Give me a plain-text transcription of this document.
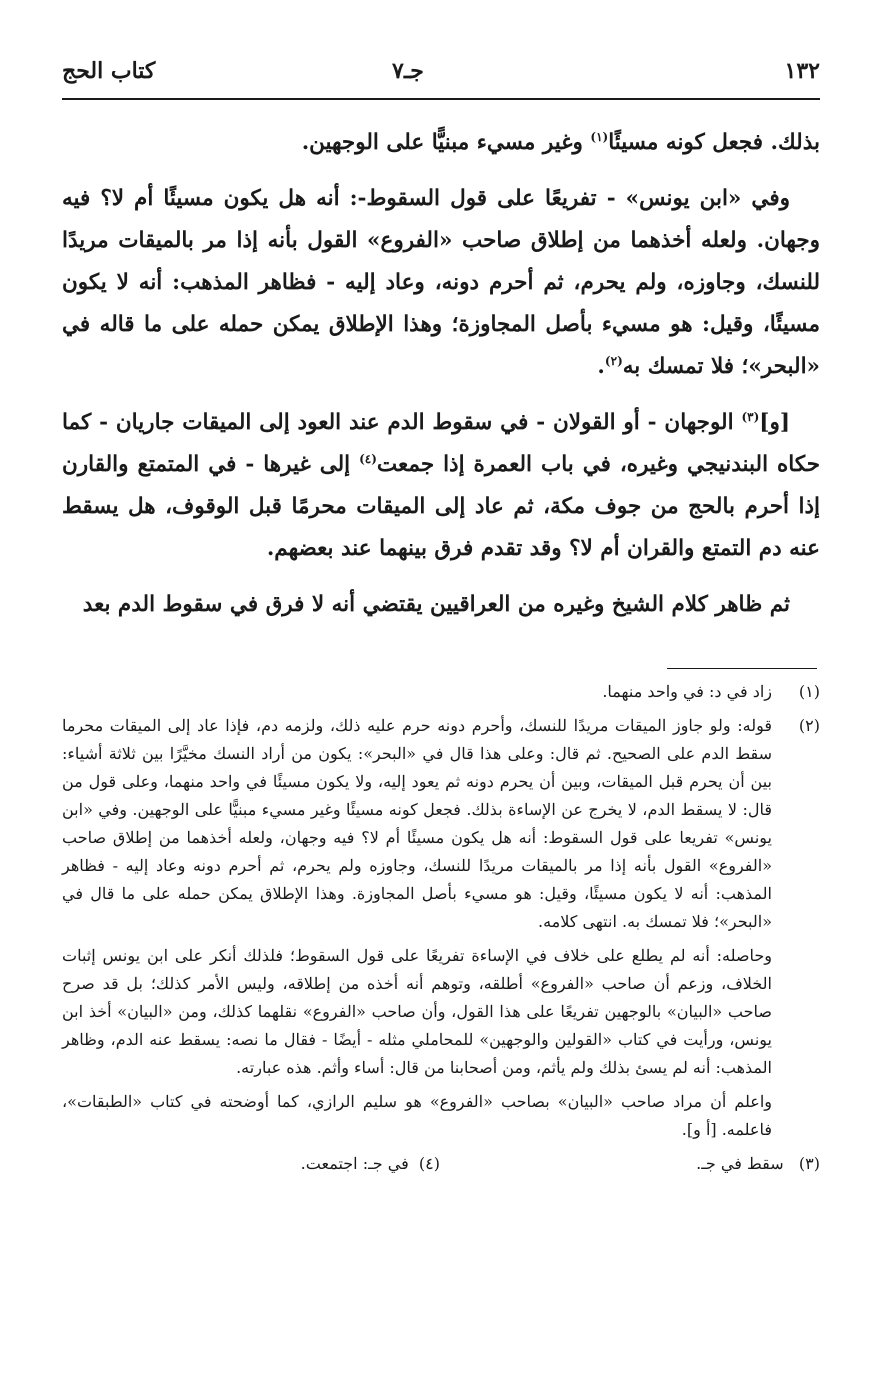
١٣٢
جـ٧
كتاب الحج

بذلك. فجعل كونه مسيئًا$^{(١)}$ وغير مسيء مبنيًّا على الوجهين.

وفي «ابن يونس» - تفريعًا على قول السقوط-: أنه هل يكون مسيئًا أم لا؟ فيه وجهان. ولعله أخذهما من إطلاق صاحب «الفروع» القول بأنه إذا مر بالميقات مريدًا للنسك، وجاوزه، ولم يحرم، ثم أحرم دونه، وعاد إليه - فظاهر المذهب: أنه لا يكون مسيئًا، وقيل: هو مسيء بأصل المجاوزة؛ وهذا الإطلاق يمكن حمله على ما قاله في «البحر»؛ فلا تمسك به$^{(٢)}$.

[و]$^{(٣)}$ الوجهان - أو القولان - في سقوط الدم عند العود إلى الميقات جاريان - كما حكاه البندنيجي وغيره، في باب العمرة إذا جمعت$^{(٤)}$ إلى غيرها - في المتمتع والقارن إذا أحرم بالحج من جوف مكة، ثم عاد إلى الميقات محرمًا قبل الوقوف، هل يسقط عنه دم التمتع والقران أم لا؟ وقد تقدم فرق بينهما عند بعضهم.

ثم ظاهر كلام الشيخ وغيره من العراقيين يقتضي أنه لا فرق في سقوط الدم بعد

(١)

زاد في د: في واحد منهما.

(٢)

قوله: ولو جاوز الميقات مريدًا للنسك، وأحرم دونه حرم عليه ذلك، ولزمه دم، فإذا عاد إلى الميقات محرما سقط الدم على الصحيح. ثم قال: وعلى هذا قال في «البحر»: يكون من أراد النسك مخيَّرًا بين ثلاثة أشياء: بين أن يحرم قبل الميقات، وبين أن يحرم دونه ثم يعود إليه، ولا يكون مسيئًا في واحد منهما، وعلى قول من قال: لا يسقط الدم، لا يخرج عن الإساءة بذلك. فجعل كونه مسيئًا وغير مسيء مبنيًّا على الوجهين. وفي «ابن يونس» تفريعا على قول السقوط: أنه هل يكون مسيئًا أم لا؟ فيه وجهان، ولعله أخذهما من إطلاق صاحب «الفروع» القول بأنه إذا مر بالميقات مريدًا للنسك، وجاوزه ولم يحرم، ثم أحرم دونه وعاد إليه - فظاهر المذهب: أنه لا يكون مسيئًا، وقيل: هو مسيء بأصل المجاوزة. وهذا الإطلاق يمكن حمله على ما قال في «البحر»؛ فلا تمسك به. انتهى كلامه.

وحاصله: أنه لم يطلع على خلاف في الإساءة تفريعًا على قول السقوط؛ فلذلك أنكر على ابن يونس إثبات الخلاف، وزعم أن صاحب «الفروع» أطلقه، وتوهم أنه أخذه من إطلاقه، وليس الأمر كذلك؛ بل قد صرح صاحب «البيان» بالوجهين تفريعًا على هذا القول، وأن صاحب «الفروع» نقلهما كذلك، ومن «البيان» أخذ ابن يونس، ورأيت في كتاب «القولين والوجهين» للمحاملي مثله - أيضًا - فقال ما نصه: يسقط عنه الدم، وظاهر المذهب: أنه لم يسئ بذلك ولم يأثم، ومن أصحابنا من قال: أساء وأثم. هذه عبارته.

واعلم أن مراد صاحب «البيان» بصاحب «الفروع» هو سليم الرازي، كما أوضحته في كتاب «الطبقات»، فاعلمه. [أ و].

(٣)   سقط في جـ.
(٤)  في جـ: اجتمعت.
